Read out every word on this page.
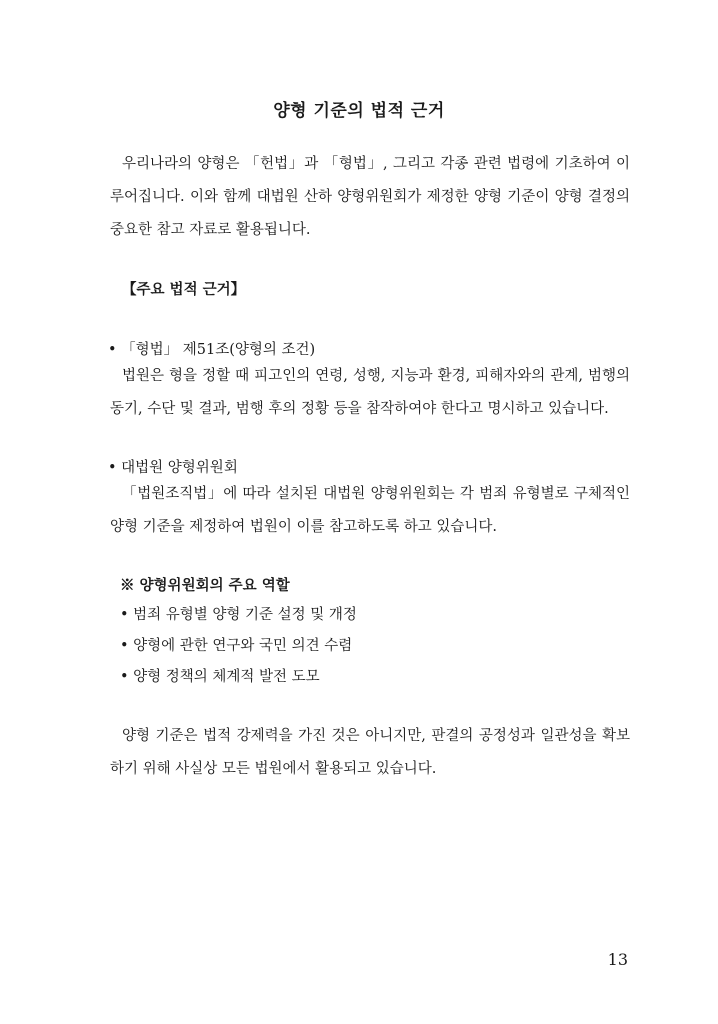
양형 기준의 법적 근거

우리나라의 양형은 「헌법」과 「형법」, 그리고 각종 관련 법령에 기초하여 이루어집니다. 이와 함께 대법원 산하 양형위원회가 제정한 양형 기준이 양형 결정의 중요한 참고 자료로 활용됩니다.

【주요 법적 근거】
• 「형법」 제51조(양형의 조건)

법원은 형을 정할 때 피고인의 연령, 성행, 지능과 환경, 피해자와의 관계, 범행의 동기, 수단 및 결과, 범행 후의 정황 등을 참작하여야 한다고 명시하고 있습니다.

• 대법원 양형위원회

「법원조직법」에 따라 설치된 대법원 양형위원회는 각 범죄 유형별로 구체적인 양형 기준을 제정하여 법원이 이를 참고하도록 하고 있습니다.

※ 양형위원회의 주요 역할
• 범죄 유형별 양형 기준 설정 및 개정
• 양형에 관한 연구와 국민 의견 수렴
• 양형 정책의 체계적 발전 도모

양형 기준은 법적 강제력을 가진 것은 아니지만, 판결의 공정성과 일관성을 확보하기 위해 사실상 모든 법원에서 활용되고 있습니다.

13
